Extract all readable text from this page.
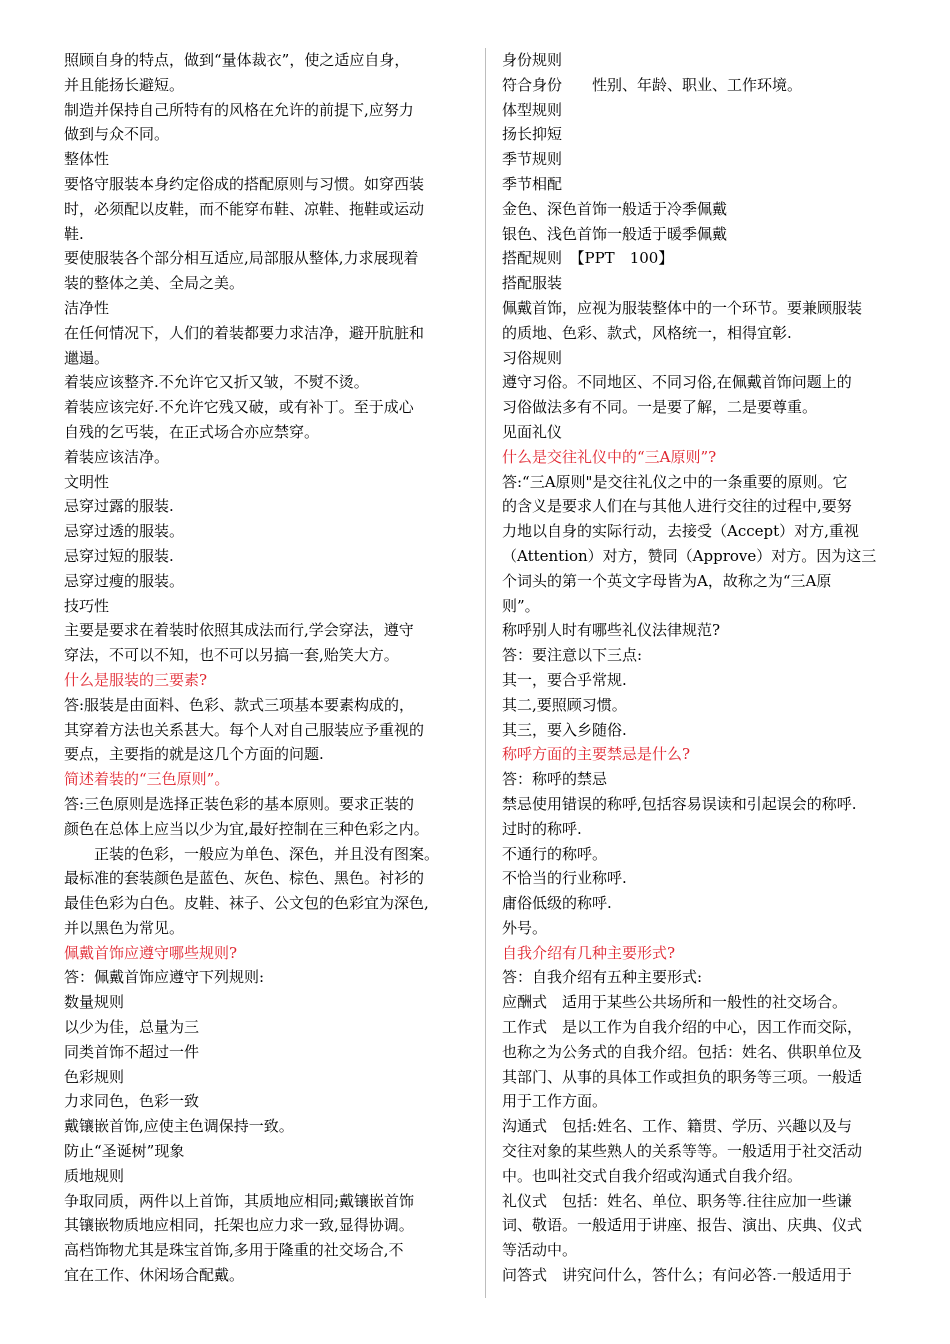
照顾自身的特点，做到“量体裁衣”，使之适应自身，
并且能扬长避短。
制造并保持自己所特有的风格在允许的前提下,应努力
做到与众不同。
整体性
要恪守服装本身约定俗成的搭配原则与习惯。如穿西装
时，必须配以皮鞋，而不能穿布鞋、凉鞋、拖鞋或运动
鞋.
要使服装各个部分相互适应,局部服从整体,力求展现着
装的整体之美、全局之美。
洁净性
在任何情况下，人们的着装都要力求洁净，避开肮脏和
邋遢。
着装应该整齐.不允许它又折又皱，不熨不烫。
着装应该完好.不允许它残又破，或有补丁。至于成心
自残的乞丐装，在正式场合亦应禁穿。
着装应该洁净。
文明性
忌穿过露的服装.
忌穿过透的服装。
忌穿过短的服装.
忌穿过瘦的服装。
技巧性
主要是要求在着装时依照其成法而行,学会穿法，遵守
穿法，不可以不知，也不可以另搞一套,贻笑大方。
什么是服装的三要素?
答:服装是由面料、色彩、款式三项基本要素构成的，
其穿着方法也关系甚大。每个人对自己服装应予重视的
要点，主要指的就是这几个方面的问题.
简述着装的“三色原则”。
答:三色原则是选择正装色彩的基本原则。要求正装的
颜色在总体上应当以少为宜,最好控制在三种色彩之内。
正装的色彩，一般应为单色、深色，并且没有图案。
最标准的套装颜色是蓝色、灰色、棕色、黑色。衬衫的
最佳色彩为白色。皮鞋、袜子、公文包的色彩宜为深色,
并以黑色为常见。
佩戴首饰应遵守哪些规则?
答：佩戴首饰应遵守下列规则:
数量规则
以少为佳，总量为三
同类首饰不超过一件
色彩规则
力求同色，色彩一致
戴镶嵌首饰,应使主色调保持一致。
防止“圣诞树”现象
质地规则
争取同质，两件以上首饰，其质地应相同;戴镶嵌首饰
其镶嵌物质地应相同，托架也应力求一致,显得协调。
高档饰物尤其是珠宝首饰,多用于隆重的社交场合,不
宜在工作、休闲场合配戴。
身份规则
符合身份　　性别、年龄、职业、工作环境。
体型规则
扬长抑短
季节规则
季节相配
金色、深色首饰一般适于冷季佩戴
银色、浅色首饰一般适于暖季佩戴
搭配规则　【PPT　100】
搭配服装
佩戴首饰，应视为服装整体中的一个环节。要兼顾服装
的质地、色彩、款式，风格统一，相得宜彰.
习俗规则
遵守习俗。不同地区、不同习俗,在佩戴首饰问题上的
习俗做法多有不同。一是要了解，二是要尊重。
见面礼仪
什么是交往礼仪中的“三A原则”?
答:“三A原则"是交往礼仪之中的一条重要的原则。它
的含义是要求人们在与其他人进行交往的过程中,要努
力地以自身的实际行动，去接受（Accept）对方,重视
（Attention）对方，赞同（Approve）对方。因为这三
个词头的第一个英文字母皆为A，故称之为“三A原
则”。
称呼别人时有哪些礼仪法律规范?
答：要注意以下三点:
其一，要合乎常规.
其二,要照顾习惯。
其三，要入乡随俗.
称呼方面的主要禁忌是什么?
答：称呼的禁忌
禁忌使用错误的称呼,包括容易误读和引起误会的称呼.
过时的称呼.
不通行的称呼。
不恰当的行业称呼.
庸俗低级的称呼.
外号。
自我介绍有几种主要形式?
答：自我介绍有五种主要形式:
应酬式　适用于某些公共场所和一般性的社交场合。
工作式　是以工作为自我介绍的中心，因工作而交际，
也称之为公务式的自我介绍。包括：姓名、供职单位及
其部门、从事的具体工作或担负的职务等三项。一般适
用于工作方面。
沟通式　包括:姓名、工作、籍贯、学历、兴趣以及与
交往对象的某些熟人的关系等等。一般适用于社交活动
中。也叫社交式自我介绍或沟通式自我介绍。
礼仪式　包括：姓名、单位、职务等.往往应加一些谦
词、敬语。一般适用于讲座、报告、演出、庆典、仪式
等活动中。
问答式　讲究问什么，答什么；有问必答.一般适用于
